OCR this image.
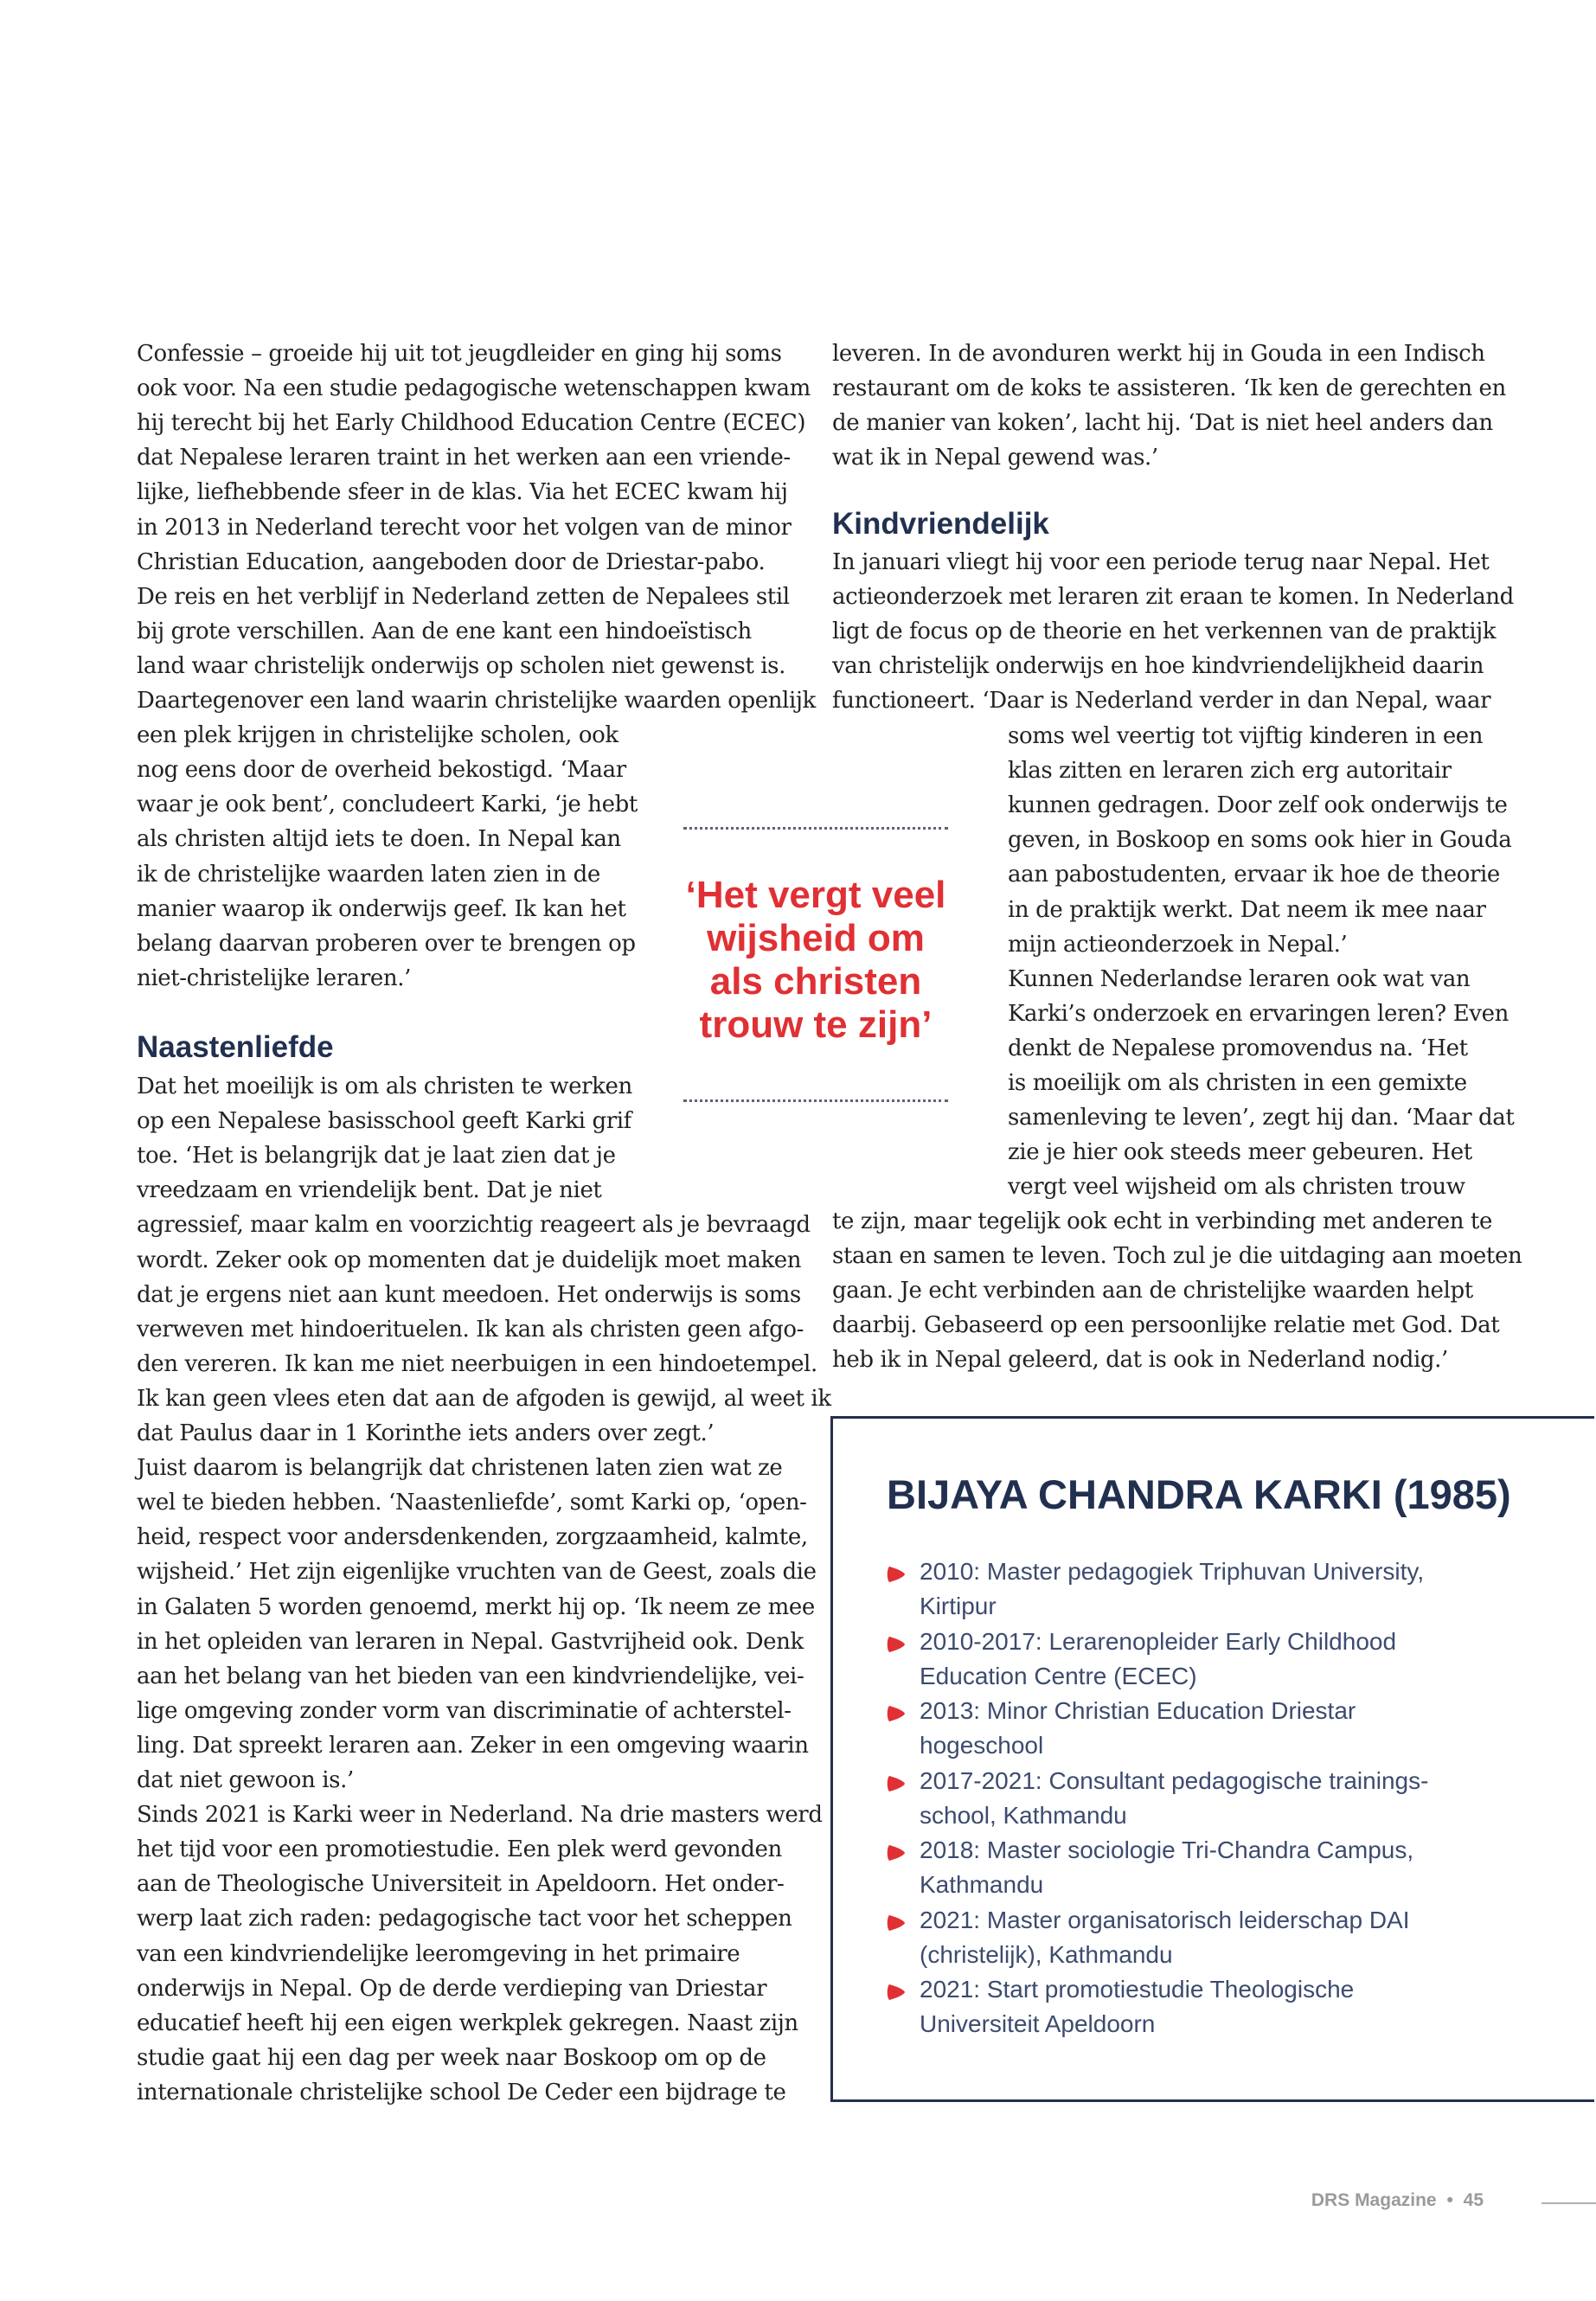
Confessie – groeide hij uit tot jeugdleider en ging hij soms
ook voor. Na een studie pedagogische wetenschappen kwam
hij terecht bij het Early Childhood Education Centre (ECEC)
dat Nepalese leraren traint in het werken aan een vriende-
lijke, liefhebbende sfeer in de klas. Via het ECEC kwam hij
in 2013 in Nederland terecht voor het volgen van de minor
Christian Education, aangeboden door de Driestar-pabo.
De reis en het verblijf in Nederland zetten de Nepalees stil
bij grote verschillen. Aan de ene kant een hindoeïstisch
land waar christelijk onderwijs op scholen niet gewenst is.
Daartegenover een land waarin christelijke waarden openlijk
een plek krijgen in christelijke scholen, ook
nog eens door de overheid bekostigd. ‘Maar
waar je ook bent’, concludeert Karki, ‘je hebt
als christen altijd iets te doen. In Nepal kan
ik de christelijke waarden laten zien in de
manier waarop ik onderwijs geef. Ik kan het
belang daarvan proberen over te brengen op
niet-christelijke leraren.’
Naastenliefde
Dat het moeilijk is om als christen te werken
op een Nepalese basisschool geeft Karki grif
toe. ‘Het is belangrijk dat je laat zien dat je
vreedzaam en vriendelijk bent. Dat je niet
agressief, maar kalm en voorzichtig reageert als je bevraagd
wordt. Zeker ook op momenten dat je duidelijk moet maken
dat je ergens niet aan kunt meedoen. Het onderwijs is soms
verweven met hindoerituelen. Ik kan als christen geen afgo-
den vereren. Ik kan me niet neerbuigen in een hindoetempel.
Ik kan geen vlees eten dat aan de afgoden is gewijd, al weet ik
dat Paulus daar in 1 Korinthe iets anders over zegt.’
Juist daarom is belangrijk dat christenen laten zien wat ze
wel te bieden hebben. ‘Naastenliefde’, somt Karki op, ‘open-
heid, respect voor andersdenkenden, zorgzaamheid, kalmte,
wijsheid.’ Het zijn eigenlijke vruchten van de Geest, zoals die
in Galaten 5 worden genoemd, merkt hij op. ‘Ik neem ze mee
in het opleiden van leraren in Nepal. Gastvrijheid ook. Denk
aan het belang van het bieden van een kindvriendelijke, vei-
lige omgeving zonder vorm van discriminatie of achterstel-
ling. Dat spreekt leraren aan. Zeker in een omgeving waarin
dat niet gewoon is.’
Sinds 2021 is Karki weer in Nederland. Na drie masters werd
het tijd voor een promotiestudie. Een plek werd gevonden
aan de Theologische Universiteit in Apeldoorn. Het onder-
werp laat zich raden: pedagogische tact voor het scheppen
van een kindvriendelijke leeromgeving in het primaire
onderwijs in Nepal. Op de derde verdieping van Driestar
educatief heeft hij een eigen werkplek gekregen. Naast zijn
studie gaat hij een dag per week naar Boskoop om op de
internationale christelijke school De Ceder een bijdrage te
leveren. In de avonduren werkt hij in Gouda in een Indisch
restaurant om de koks te assisteren. ‘Ik ken de gerechten en
de manier van koken’, lacht hij. ‘Dat is niet heel anders dan
wat ik in Nepal gewend was.’
Kindvriendelijk
In januari vliegt hij voor een periode terug naar Nepal. Het
actieonderzoek met leraren zit eraan te komen. In Nederland
ligt de focus op de theorie en het verkennen van de praktijk
van christelijk onderwijs en hoe kindvriendelijkheid daarin
functioneert. ‘Daar is Nederland verder in dan Nepal, waar
soms wel veertig tot vijftig kinderen in een
klas zitten en leraren zich erg autoritair
kunnen gedragen. Door zelf ook onderwijs te
geven, in Boskoop en soms ook hier in Gouda
aan pabostudenten, ervaar ik hoe de theorie
in de praktijk werkt. Dat neem ik mee naar
mijn actieonderzoek in Nepal.’
Kunnen Nederlandse leraren ook wat van
Karki’s onderzoek en ervaringen leren? Even
denkt de Nepalese promovendus na. ‘Het
is moeilijk om als christen in een gemixte
samenleving te leven’, zegt hij dan. ‘Maar dat
zie je hier ook steeds meer gebeuren. Het
vergt veel wijsheid om als christen trouw
te zijn, maar tegelijk ook echt in verbinding met anderen te
staan en samen te leven. Toch zul je die uitdaging aan moeten
gaan. Je echt verbinden aan de christelijke waarden helpt
daarbij. Gebaseerd op een persoonlijke relatie met God. Dat
heb ik in Nepal geleerd, dat is ook in Nederland nodig.’
‘Het vergt veel
wijsheid om
als christen
trouw te zijn’
BIJAYA CHANDRA KARKI (1985)
2010: Master pedagogiek Triphuvan University,
Kirtipur
2010-2017: Lerarenopleider Early Childhood
Education Centre (ECEC)
2013: Minor Christian Education Driestar
hogeschool
2017-2021: Consultant pedagogische trainings-
school, Kathmandu
2018: Master sociologie Tri-Chandra Campus,
Kathmandu
2021: Master organisatorisch leiderschap DAI
(christelijk), Kathmandu
2021: Start promotiestudie Theologische
Universiteit Apeldoorn
DRS Magazine • 45
